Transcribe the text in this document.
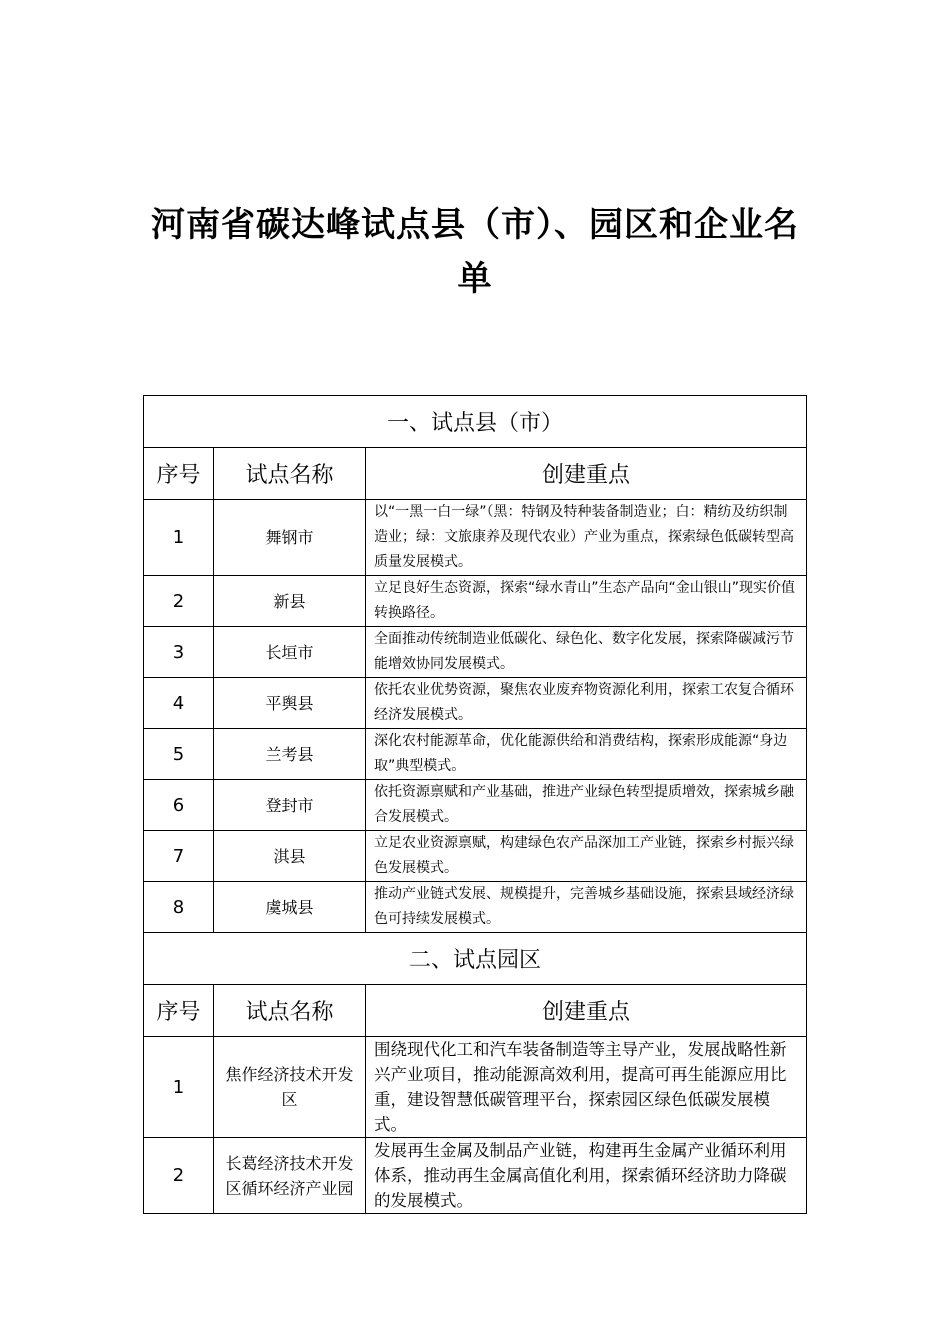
河南省碳达峰试点县（市）、园区和企业名
单
一、试点县（市）		
序号	试点名称	创建重点
1	舞钢市	以“一黑一白一绿”（黑：特钢及特种装备制造业；白：精纺及纺织制造业；绿：文旅康养及现代农业）产业为重点，探索绿色低碳转型高质量发展模式。
2	新县	立足良好生态资源，探索“绿水青山”生态产品向“金山银山”现实价值转换路径。
3	长垣市	全面推动传统制造业低碳化、绿色化、数字化发展，探索降碳减污节能增效协同发展模式。
4	平舆县	依托农业优势资源，聚焦农业废弃物资源化利用，探索工农复合循环经济发展模式。
5	兰考县	深化农村能源革命，优化能源供给和消费结构，探索形成能源“身边取”典型模式。
6	登封市	依托资源禀赋和产业基础，推进产业绿色转型提质增效，探索城乡融合发展模式。
7	淇县	立足农业资源禀赋，构建绿色农产品深加工产业链，探索乡村振兴绿色发展模式。
8	虞城县	推动产业链式发展、规模提升，完善城乡基础设施，探索县域经济绿色可持续发展模式。
二、试点园区		
序号	试点名称	创建重点
1	焦作经济技术开发区	围绕现代化工和汽车装备制造等主导产业，发展战略性新兴产业项目，推动能源高效利用，提高可再生能源应用比重，建设智慧低碳管理平台，探索园区绿色低碳发展模式。
2	长葛经济技术开发区循环经济产业园	发展再生金属及制品产业链，构建再生金属产业循环利用体系，推动再生金属高值化利用，探索循环经济助力降碳的发展模式。
